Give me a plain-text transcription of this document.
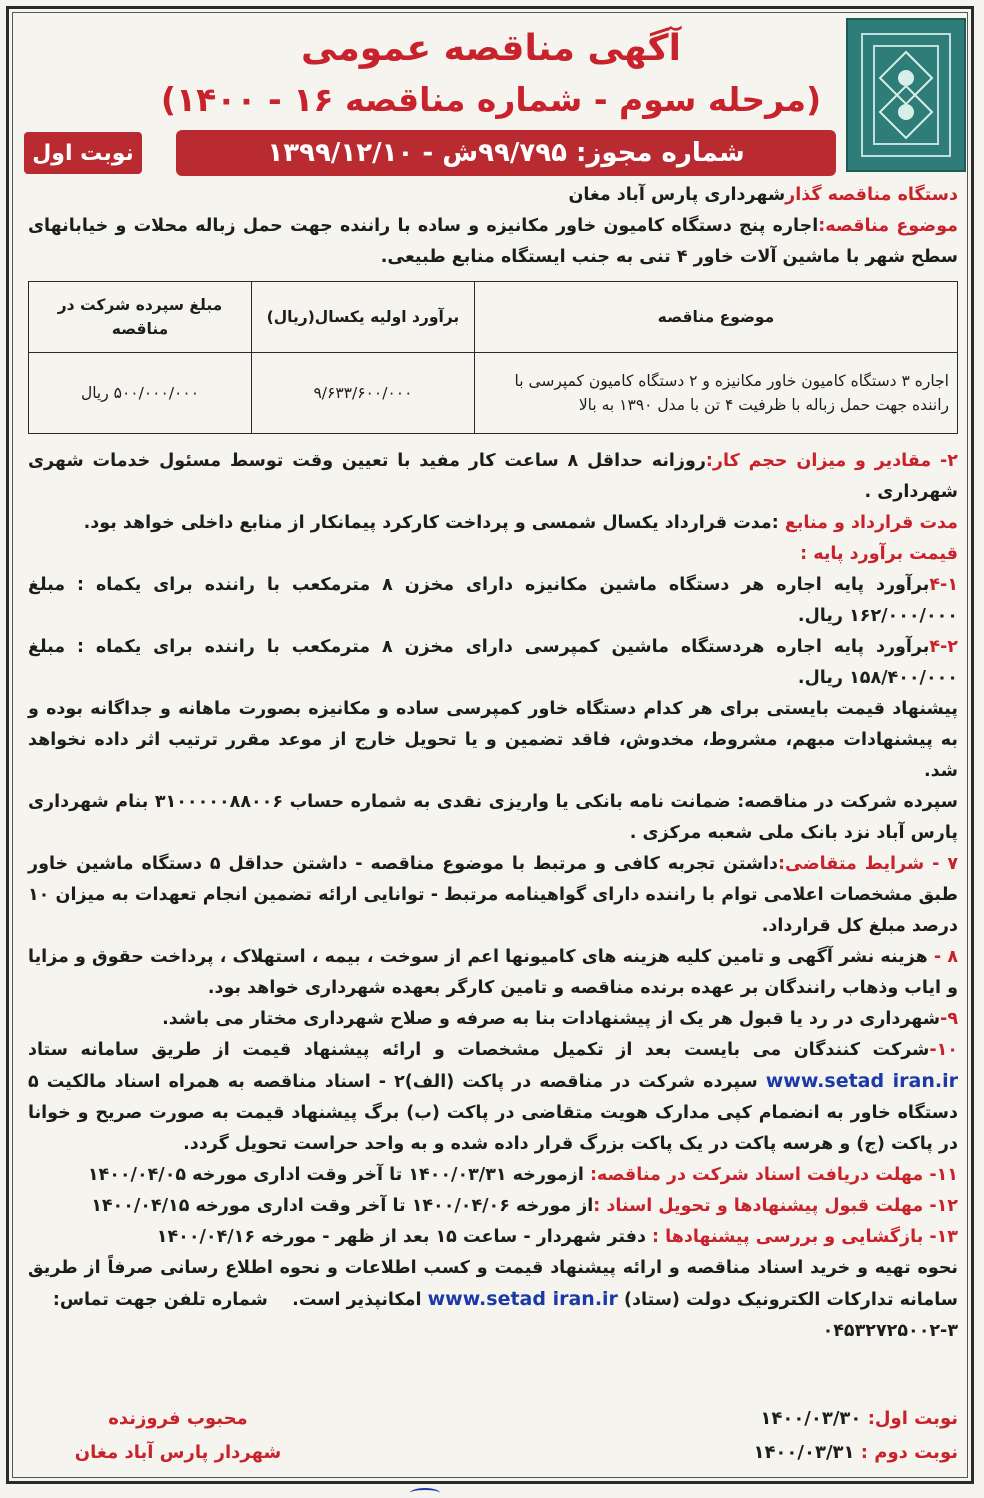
آگهی مناقصه عمومی
(مرحله سوم - شماره مناقصه ۱۶ - ۱۴۰۰)
شماره مجوز: ۹۹/۷۹۵ش - ۱۳۹۹/۱۲/۱۰
نوبت اول

دستگاه مناقصه گذارشهرداری پارس آباد مغان

موضوع مناقصه:اجاره پنج دستگاه کامیون خاور مکانیزه و ساده با راننده جهت حمل زباله محلات و خیابانهای سطح شهر با ماشین آلات خاور ۴ تنی به جنب ایستگاه منابع طبیعی.

موضوع مناقصه	برآورد اولیه یکسال(ریال)	مبلغ سپرده شرکت در مناقصه
اجاره ۳ دستگاه کامیون خاور مکانیزه و ۲ دستگاه کامیون کمپرسی با راننده جهت حمل زباله با ظرفیت ۴ تن با مدل ۱۳۹۰ به بالا	۹/۶۳۳/۶۰۰/۰۰۰	۵۰۰/۰۰۰/۰۰۰ ریال

۲- مقادیر و میزان حجم کار:روزانه حداقل ۸ ساعت کار مفید با تعیین وقت توسط مسئول خدمات شهری شهرداری .

مدت قرارداد و منابع :مدت قرارداد یکسال شمسی و پرداخت کارکرد پیمانکار از منابع داخلی خواهد بود.

قیمت برآورد پایه :

۴-۱برآورد پایه اجاره هر دستگاه ماشین مکانیزه دارای مخزن ۸ مترمکعب با راننده برای یکماه : مبلغ ۱۶۲/۰۰۰/۰۰۰ ریال.

۴-۲برآورد پایه اجاره هردستگاه ماشین کمپرسی دارای مخزن ۸ مترمکعب با راننده برای یکماه : مبلغ ۱۵۸/۴۰۰/۰۰۰ ریال.

پیشنهاد قیمت بایستی برای هر کدام دستگاه خاور کمپرسی ساده و مکانیزه بصورت ماهانه و جداگانه بوده و به پیشنهادات مبهم، مشروط، مخدوش، فاقد تضمین و یا تحویل خارج از موعد مقرر ترتیب اثر داده نخواهد شد.

سپرده شرکت در مناقصه: ضمانت نامه بانکی یا واریزی نقدی به شماره حساب ۳۱۰۰۰۰۰۸۸۰۰۶ بنام شهرداری پارس آباد نزد بانک ملی شعبه مرکزی .

۷ - شرایط متقاضی:داشتن تجربه کافی و مرتبط با موضوع مناقصه - داشتن حداقل ۵ دستگاه ماشین خاور طبق مشخصات اعلامی توام با راننده دارای گواهینامه مرتبط - توانایی ارائه تضمین انجام تعهدات به میزان ۱۰ درصد مبلغ کل قرارداد.

۸ - هزینه نشر آگهی و تامین کلیه هزینه های کامیونها اعم از سوخت ، بیمه ، استهلاک ، پرداخت حقوق و مزایا و ایاب وذهاب رانندگان بر عهده برنده مناقصه و تامین کارگر بعهده شهرداری خواهد بود.

۹-شهرداری در رد یا قبول هر یک از پیشنهادات بنا به صرفه و صلاح شهرداری مختار می باشد.

۱۰-شرکت کنندگان می بایست بعد از تکمیل مشخصات و ارائه پیشنهاد قیمت از طریق سامانه ستاد www.setad iran.ir سپرده شرکت در مناقصه در پاکت (الف)۲ - اسناد مناقصه به همراه اسناد مالکیت ۵ دستگاه خاور به انضمام کپی مدارک هویت متقاضی در پاکت (ب) برگ پیشنهاد قیمت به صورت صریح و خوانا در پاکت (ج) و هرسه پاکت در یک پاکت بزرگ قرار داده شده و به واحد حراست تحویل گردد.

۱۱- مهلت دریافت اسناد شرکت در مناقصه: ازمورخه ۱۴۰۰/۰۳/۳۱ تا آخر وقت اداری مورخه ۱۴۰۰/۰۴/۰۵

۱۲- مهلت قبول پیشنهادها و تحویل اسناد :از مورخه ۱۴۰۰/۰۴/۰۶ تا آخر وقت اداری مورخه ۱۴۰۰/۰۴/۱۵

۱۳- بازگشایی و بررسی پیشنهادها : دفتر شهردار - ساعت ۱۵ بعد از ظهر - مورخه ۱۴۰۰/۰۴/۱۶

نحوه تهیه و خرید اسناد مناقصه و ارائه پیشنهاد قیمت و کسب اطلاعات و نحوه اطلاع رسانی صرفاً از طریق سامانه تدارکات الکترونیک دولت (ستاد) www.setad iran.ir امکانپذیر است.    شماره تلفن جهت تماس:

۰۴۵۳۲۷۲۵۰۰۲-۳

نوبت اول: ۱۴۰۰/۰۳/۳۰
نوبت دوم : ۱۴۰۰/۰۳/۳۱
محبوب فروزنده
شهردار پارس آباد مغان
